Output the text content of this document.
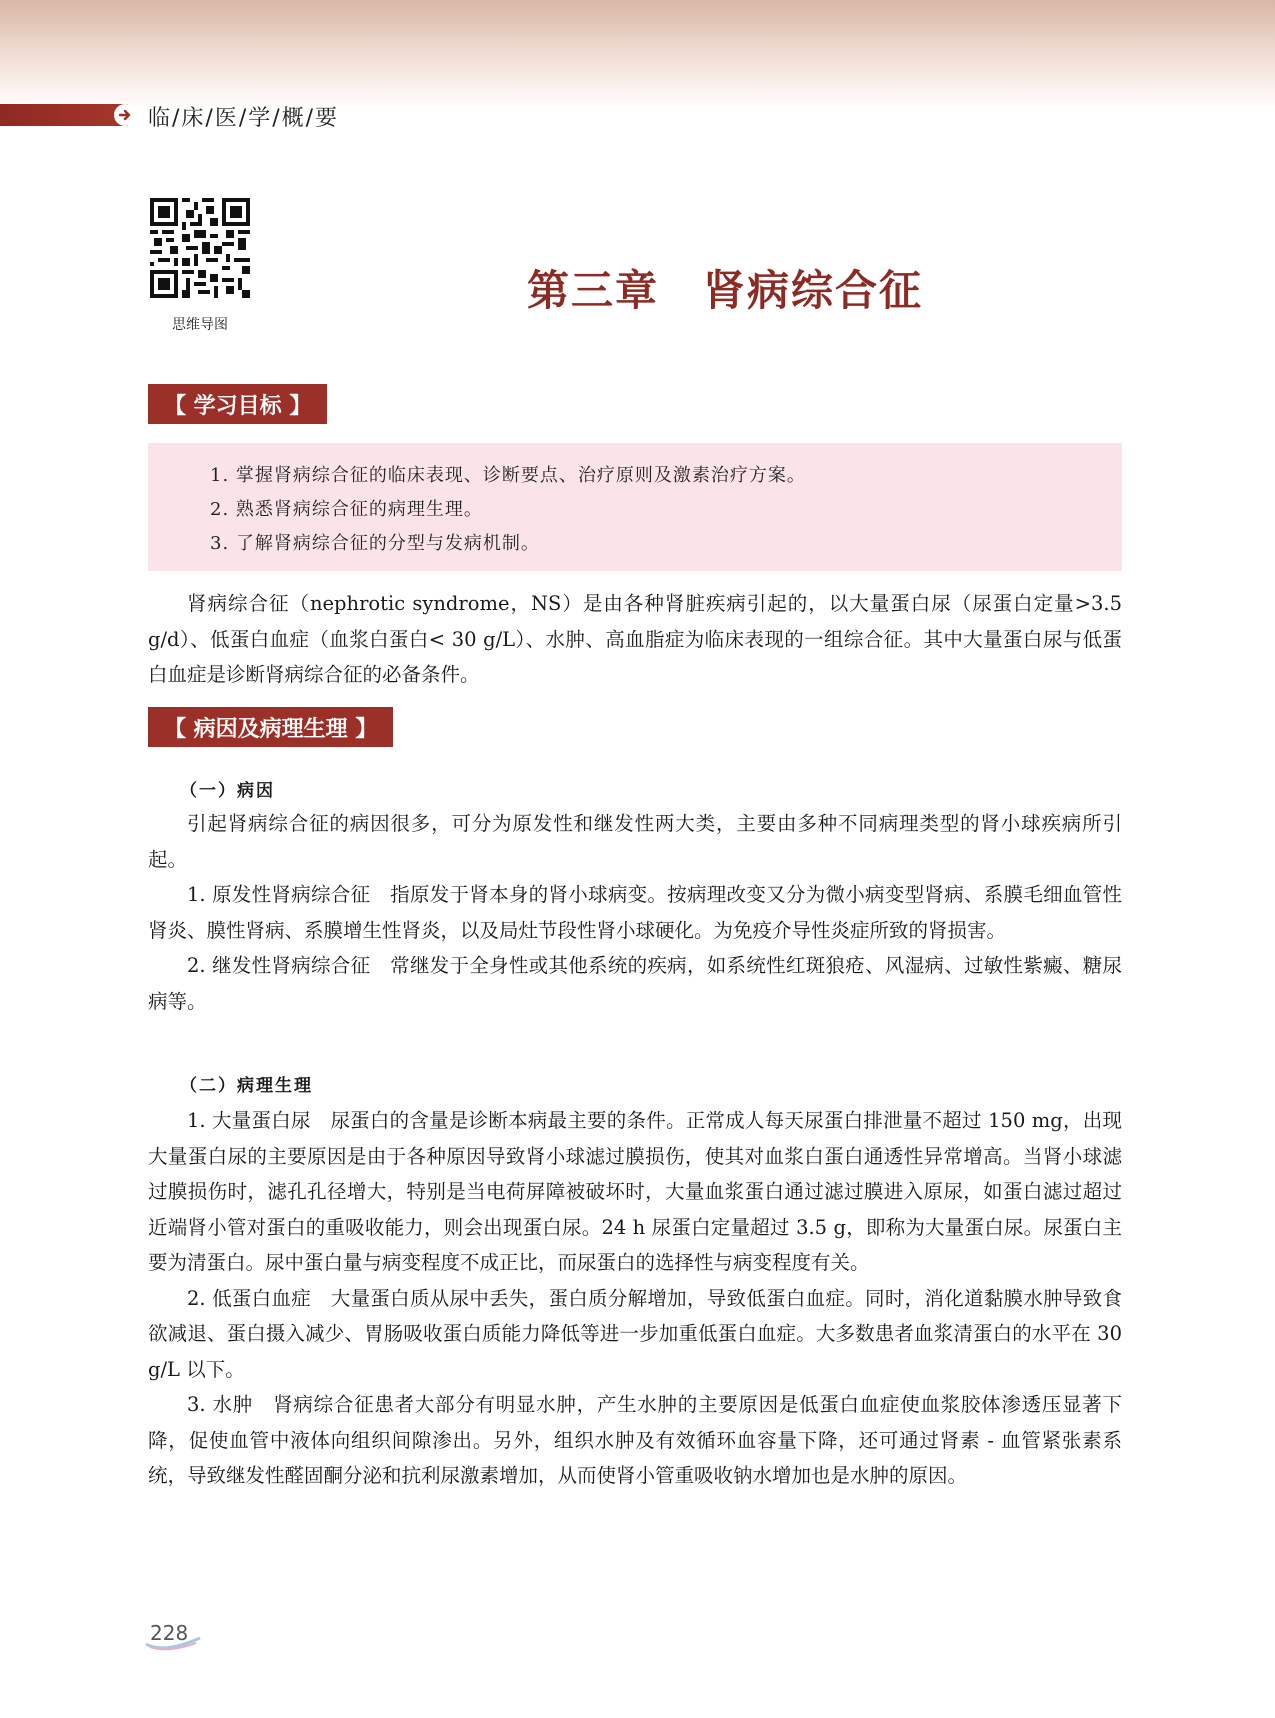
临/床/医/学/概/要
思维导图
第三章　肾病综合征
【 学习目标 】

1. 掌握肾病综合征的临床表现、诊断要点、治疗原则及激素治疗方案。

2. 熟悉肾病综合征的病理生理。

3. 了解肾病综合征的分型与发病机制。

肾病综合征（nephrotic syndrome，NS）是由各种肾脏疾病引起的，以大量蛋白尿（尿蛋白定量>3.5 g/d）、低蛋白血症（血浆白蛋白< 30 g/L）、水肿、高血脂症为临床表现的一组综合征。其中大量蛋白尿与低蛋白血症是诊断肾病综合征的必备条件。

【 病因及病理生理 】
（一）病因

引起肾病综合征的病因很多，可分为原发性和继发性两大类，主要由多种不同病理类型的肾小球疾病所引起。

1. 原发性肾病综合征　指原发于肾本身的肾小球病变。按病理改变又分为微小病变型肾病、系膜毛细血管性肾炎、膜性肾病、系膜增生性肾炎，以及局灶节段性肾小球硬化。为免疫介导性炎症所致的肾损害。

2. 继发性肾病综合征　常继发于全身性或其他系统的疾病，如系统性红斑狼疮、风湿病、过敏性紫癜、糖尿病等。

（二）病理生理

1. 大量蛋白尿　尿蛋白的含量是诊断本病最主要的条件。正常成人每天尿蛋白排泄量不超过 150 mg，出现大量蛋白尿的主要原因是由于各种原因导致肾小球滤过膜损伤，使其对血浆白蛋白通透性异常增高。当肾小球滤过膜损伤时，滤孔孔径增大，特别是当电荷屏障被破坏时，大量血浆蛋白通过滤过膜进入原尿，如蛋白滤过超过近端肾小管对蛋白的重吸收能力，则会出现蛋白尿。24 h 尿蛋白定量超过 3.5 g，即称为大量蛋白尿。尿蛋白主要为清蛋白。尿中蛋白量与病变程度不成正比，而尿蛋白的选择性与病变程度有关。

2. 低蛋白血症　大量蛋白质从尿中丢失，蛋白质分解增加，导致低蛋白血症。同时，消化道黏膜水肿导致食欲减退、蛋白摄入减少、胃肠吸收蛋白质能力降低等进一步加重低蛋白血症。大多数患者血浆清蛋白的水平在 30 g/L 以下。

3. 水肿　肾病综合征患者大部分有明显水肿，产生水肿的主要原因是低蛋白血症使血浆胶体渗透压显著下降，促使血管中液体向组织间隙渗出。另外，组织水肿及有效循环血容量下降，还可通过肾素 - 血管紧张素系统，导致继发性醛固酮分泌和抗利尿激素增加，从而使肾小管重吸收钠水增加也是水肿的原因。

228
